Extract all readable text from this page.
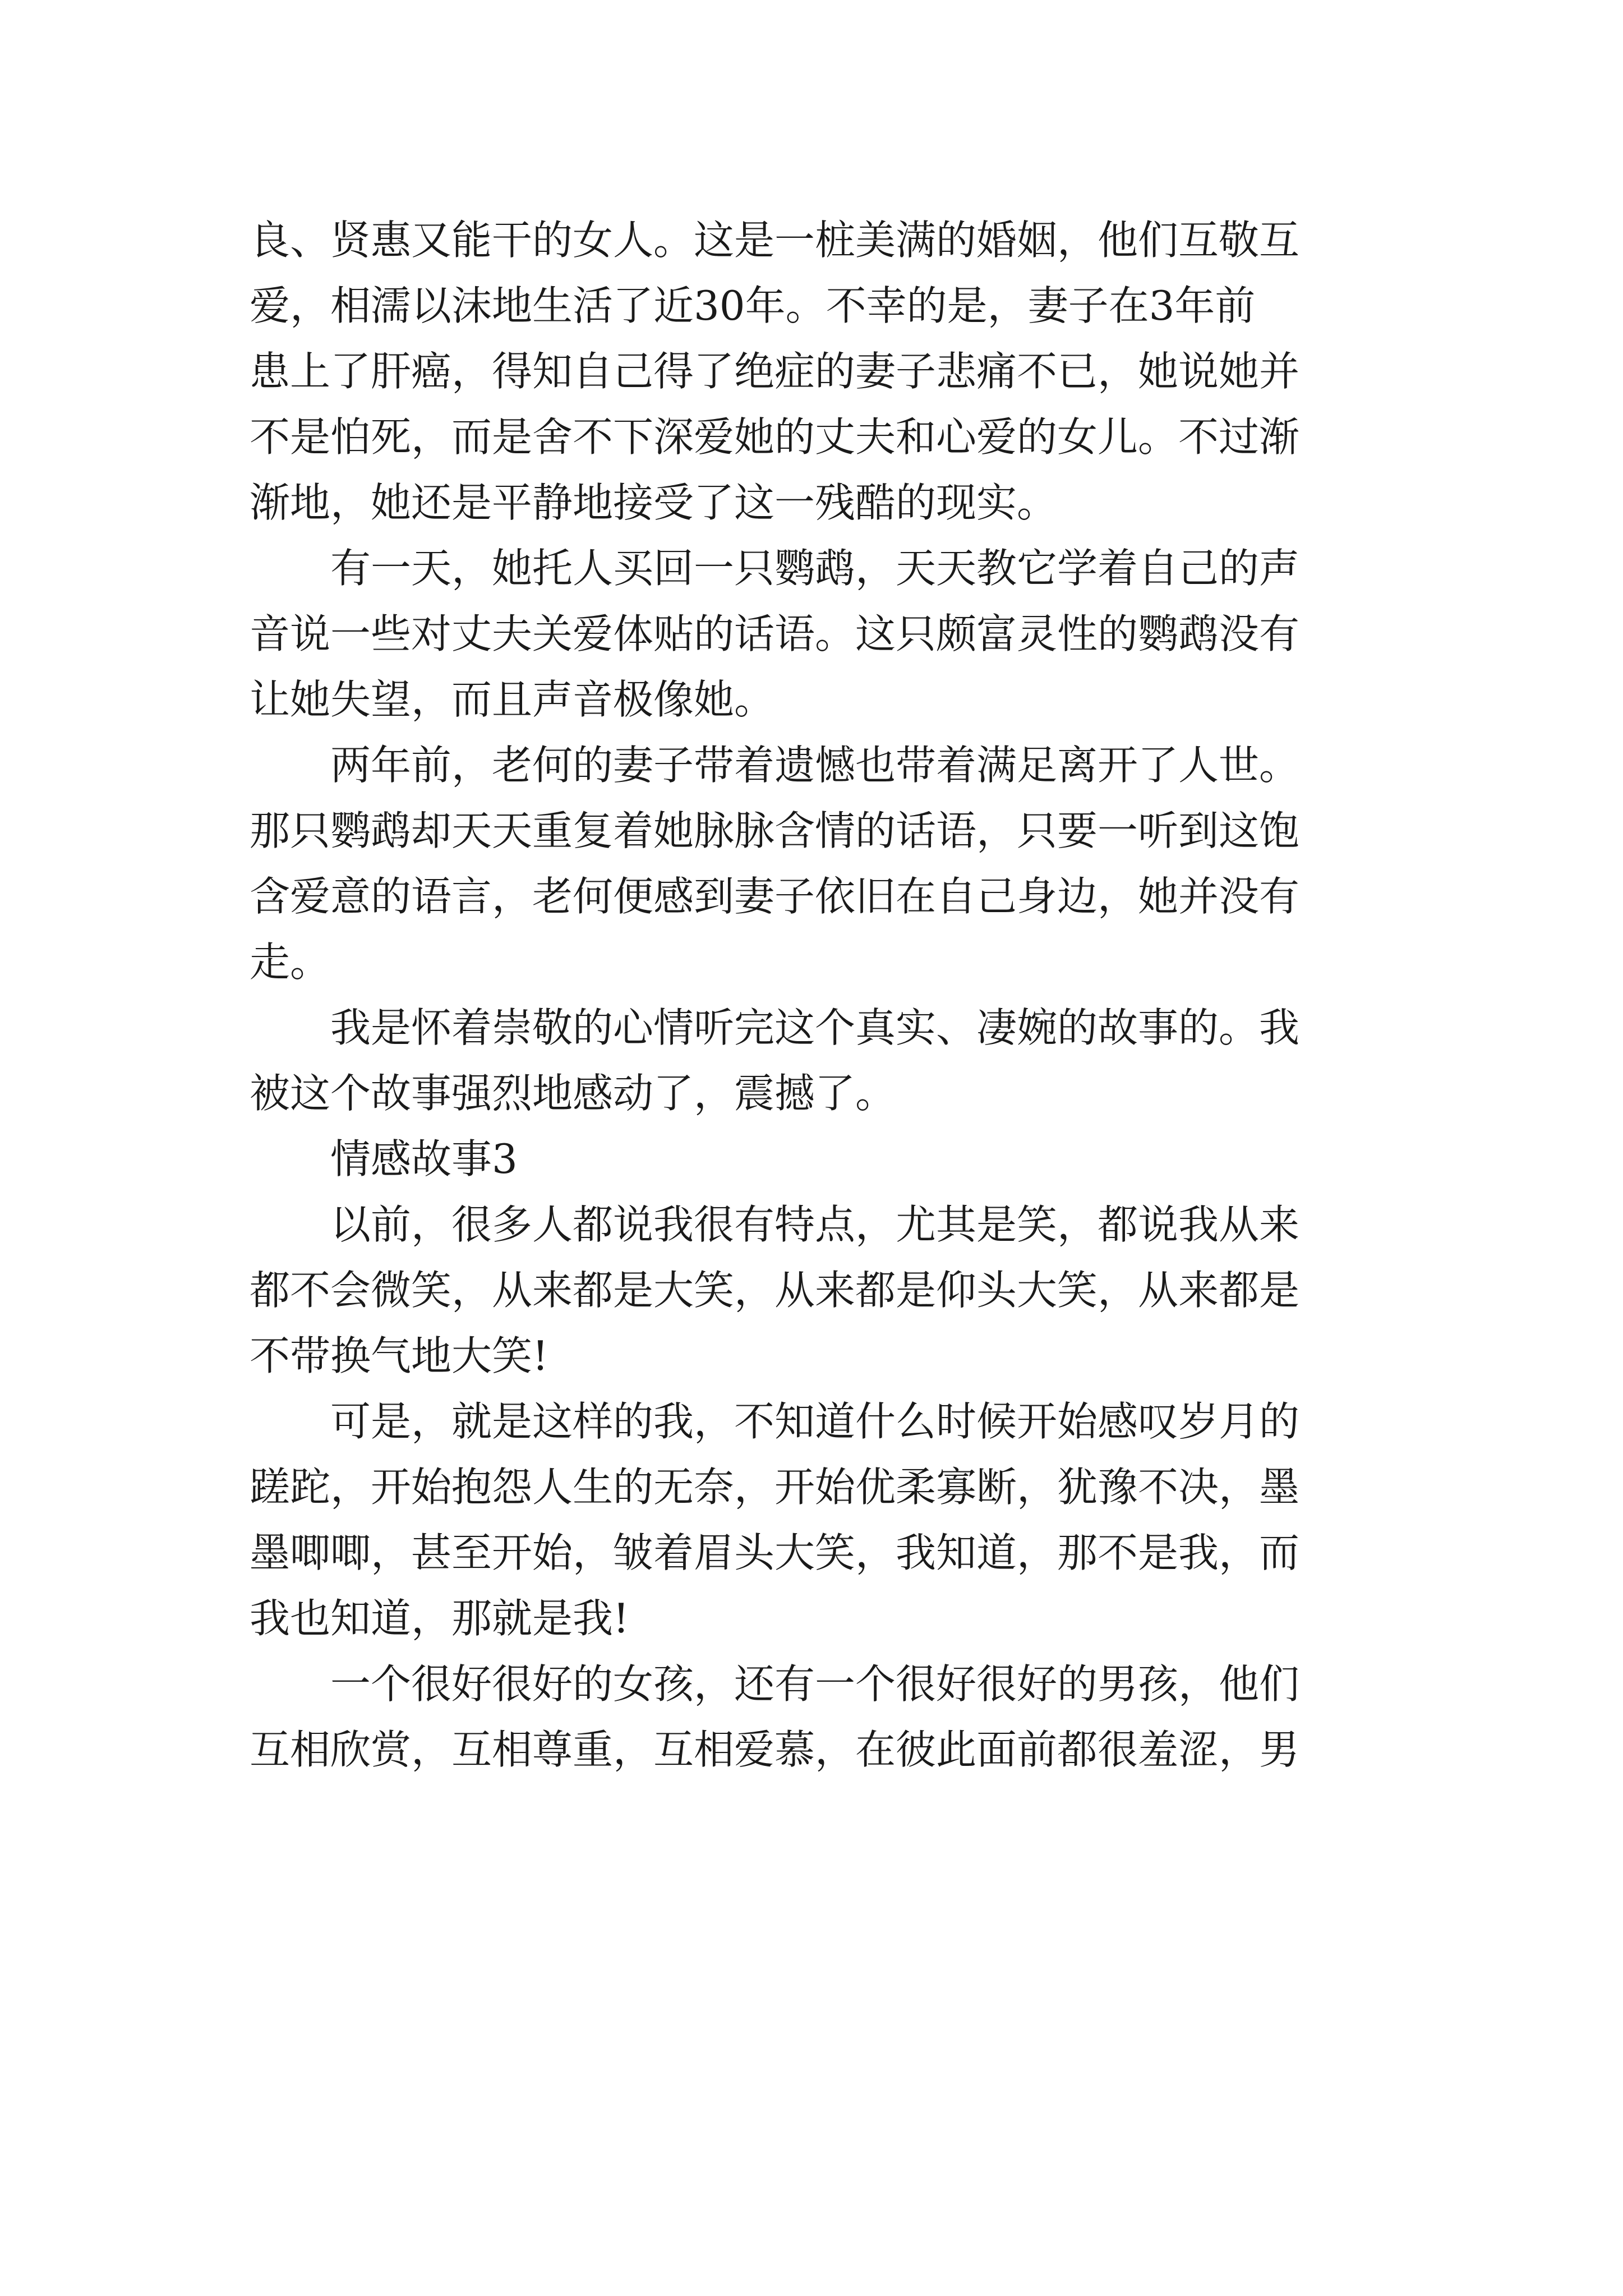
良、贤惠又能干的女人。这是一桩美满的婚姻，他们互敬互
爱，相濡以沫地生活了近30年。不幸的是，妻子在3年前
患上了肝癌，得知自己得了绝症的妻子悲痛不已，她说她并
不是怕死，而是舍不下深爱她的丈夫和心爱的女儿。不过渐
渐地，她还是平静地接受了这一残酷的现实。
有一天，她托人买回一只鹦鹉，天天教它学着自己的声
音说一些对丈夫关爱体贴的话语。这只颇富灵性的鹦鹉没有
让她失望，而且声音极像她。
两年前，老何的妻子带着遗憾也带着满足离开了人世。
那只鹦鹉却天天重复着她脉脉含情的话语，只要一听到这饱
含爱意的语言，老何便感到妻子依旧在自己身边，她并没有
走。
我是怀着崇敬的心情听完这个真实、凄婉的故事的。我
被这个故事强烈地感动了，震撼了。
情感故事3
以前，很多人都说我很有特点，尤其是笑，都说我从来
都不会微笑，从来都是大笑，从来都是仰头大笑，从来都是
不带换气地大笑!
可是，就是这样的我，不知道什么时候开始感叹岁月的
蹉跎，开始抱怨人生的无奈，开始优柔寡断，犹豫不决，墨
墨唧唧，甚至开始，皱着眉头大笑，我知道，那不是我，而
我也知道，那就是我!
一个很好很好的女孩，还有一个很好很好的男孩，他们
互相欣赏，互相尊重，互相爱慕，在彼此面前都很羞涩，男
